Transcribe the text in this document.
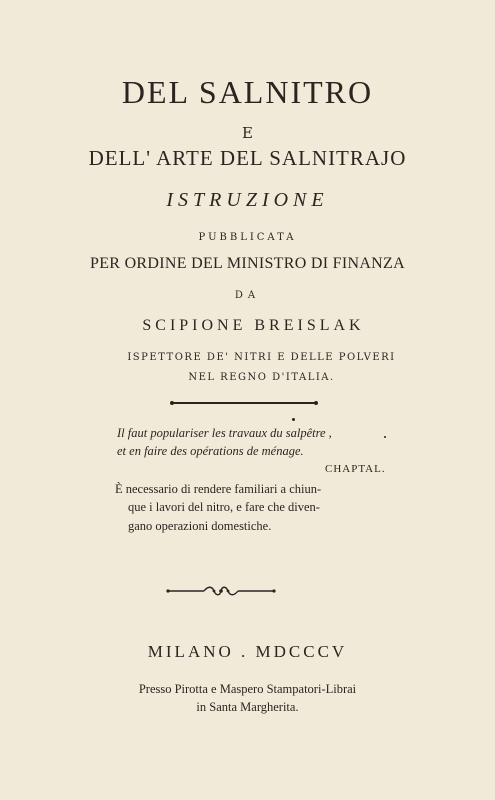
DEL SALNITRO
E
DELL' ARTE DEL SALNITRAJO
ISTRUZIONE
PUBBLICATA
PER ORDINE DEL MINISTRO DI FINANZA
DA
SCIPIONE BREISLAK
ISPETTORE DE' NITRI E DELLE POLVERI
NEL REGNO D'ITALIA.
Il faut populariser les travaux du salpêtre ,
et en faire des opérations de ménage.
CHAPTAL.
È necessario di rendere familiari a chiun-
que i lavori del nitro, e fare che diven-
gano operazioni domestiche.
MILANO . MDCCCV
Presso Pirotta e Maspero Stampatori-Librai
in Santa Margherita.
